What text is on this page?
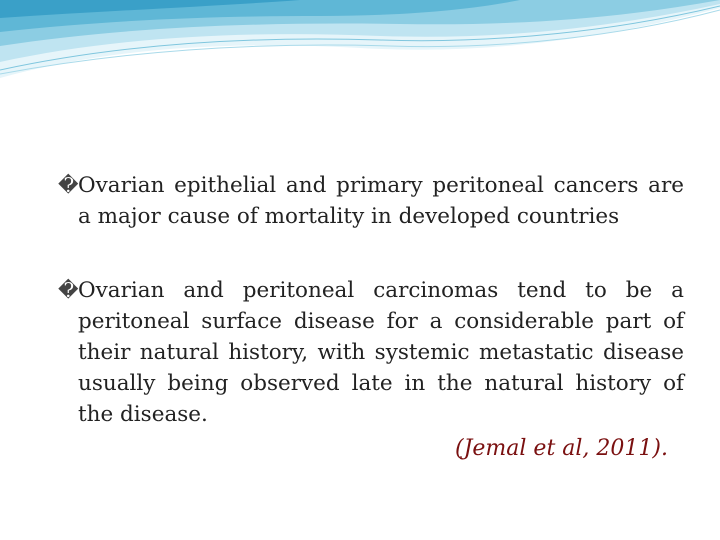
� Ovarian epithelial and primary peritoneal cancers are a major cause of mortality in developed countries
� Ovarian and peritoneal carcinomas tend to be a peritoneal surface disease for a considerable part of their natural history, with systemic metastatic disease usually being observed late in the natural history of the disease.
(Jemal et al, 2011).
